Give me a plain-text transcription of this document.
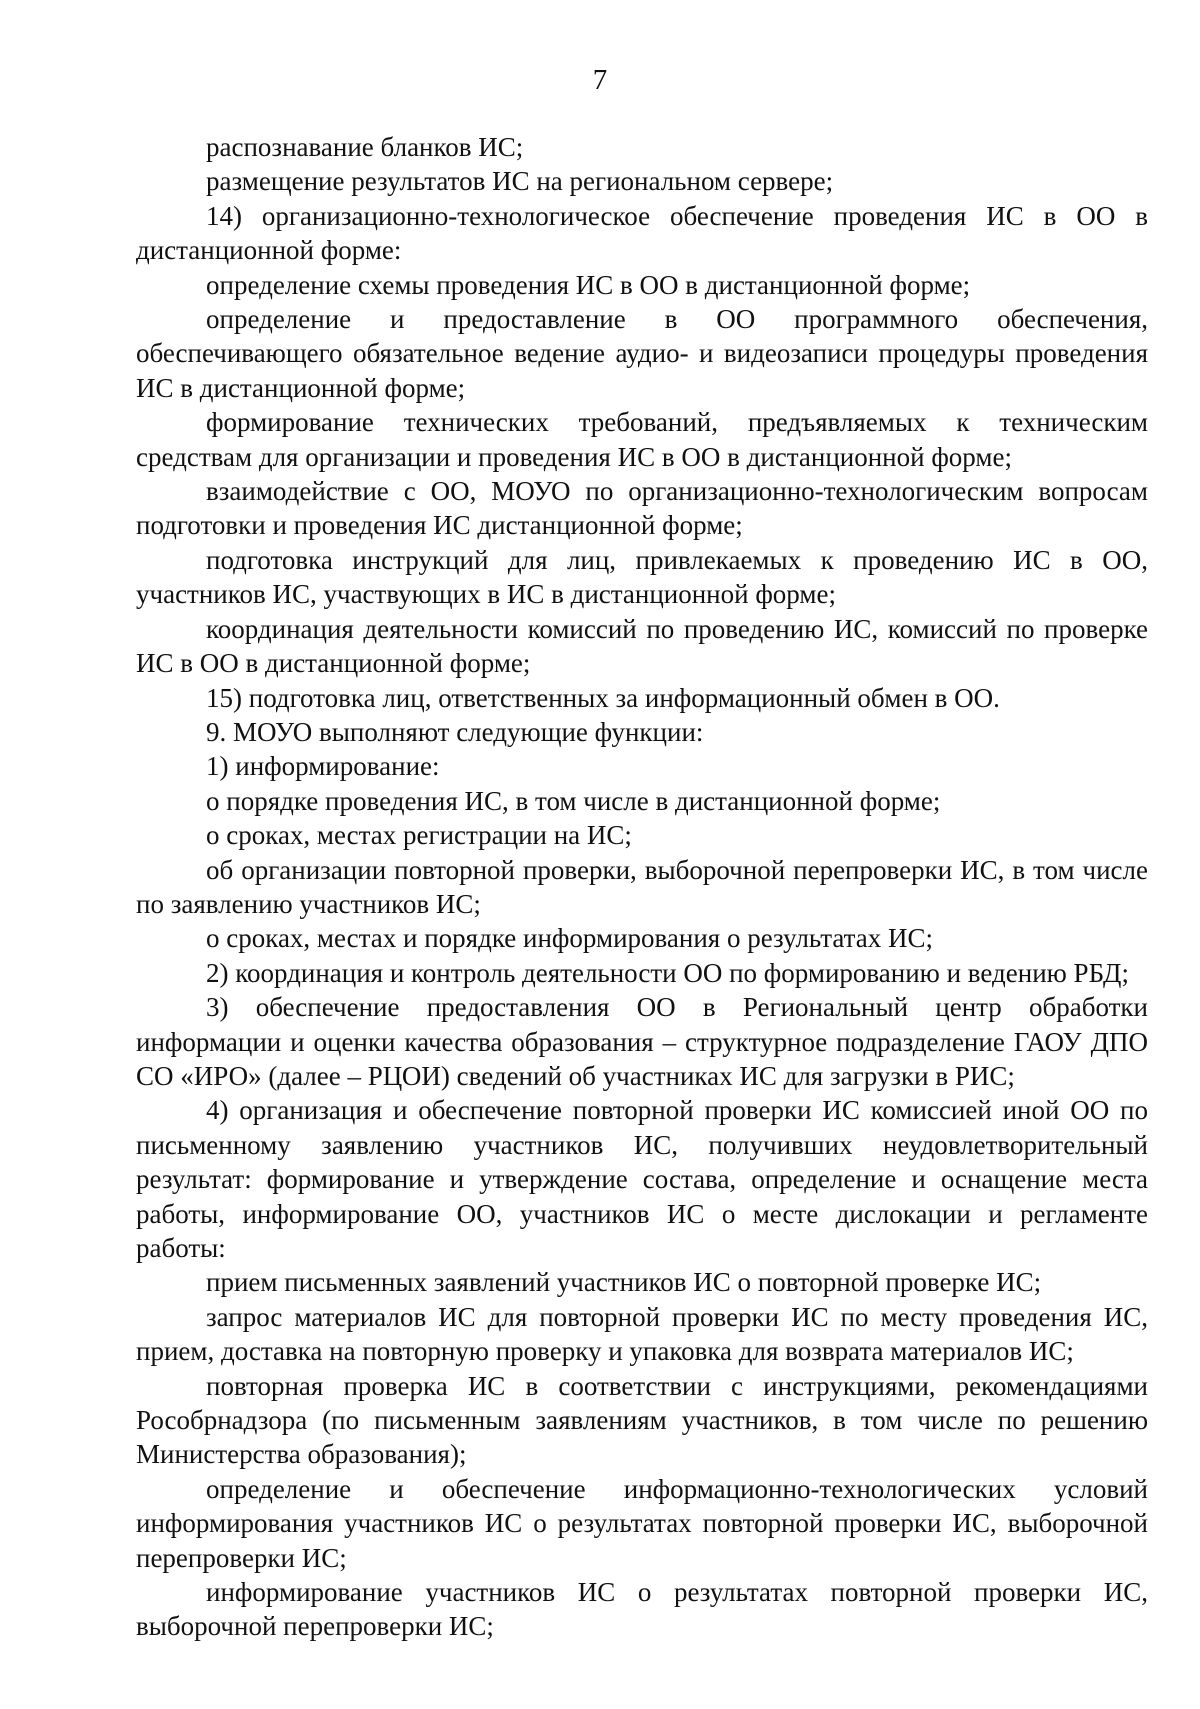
7

распознавание бланков ИС;

размещение результатов ИС на региональном сервере;

14) организационно-технологическое обеспечение проведения ИС в ОО в дистанционной форме:

определение схемы проведения ИС в ОО в дистанционной форме;

определение и предоставление в ОО программного обеспечения, обеспечивающего обязательное ведение аудио- и видеозаписи процедуры проведения ИС в дистанционной форме;

формирование технических требований, предъявляемых к техническим средствам для организации и проведения ИС в ОО в дистанционной форме;

взаимодействие с ОО, МОУО по организационно-технологическим вопросам подготовки и проведения ИС дистанционной форме;

подготовка инструкций для лиц, привлекаемых к проведению ИС в ОО, участников ИС, участвующих в ИС в дистанционной форме;

координация деятельности комиссий по проведению ИС, комиссий по проверке ИС в ОО в дистанционной форме;

15) подготовка лиц, ответственных за информационный обмен в ОО.

9. МОУО выполняют следующие функции:

1) информирование:

о порядке проведения ИС, в том числе в дистанционной форме;

о сроках, местах регистрации на ИС;

об организации повторной проверки, выборочной перепроверки ИС, в том числе по заявлению участников ИС;

о сроках, местах и порядке информирования о результатах ИС;

2) координация и контроль деятельности ОО по формированию и ведению РБД;

3) обеспечение предоставления ОО в Региональный центр обработки информации и оценки качества образования – структурное подразделение ГАОУ ДПО СО «ИРО» (далее – РЦОИ) сведений об участниках ИС для загрузки в РИС;

4) организация и обеспечение повторной проверки ИС комиссией иной ОО по письменному заявлению участников ИС, получивших неудовлетворительный результат: формирование и утверждение состава, определение и оснащение места работы, информирование ОО, участников ИС о месте дислокации и регламенте работы:

прием письменных заявлений участников ИС о повторной проверке ИС;

запрос материалов ИС для повторной проверки ИС по месту проведения ИС, прием, доставка на повторную проверку и упаковка для возврата материалов ИС;

повторная проверка ИС в соответствии с инструкциями, рекомендациями Рособрнадзора (по письменным заявлениям участников, в том числе по решению Министерства образования);

определение и обеспечение информационно-технологических условий информирования участников ИС о результатах повторной проверки ИС, выборочной перепроверки ИС;

информирование участников ИС о результатах повторной проверки ИС, выборочной перепроверки ИС;
